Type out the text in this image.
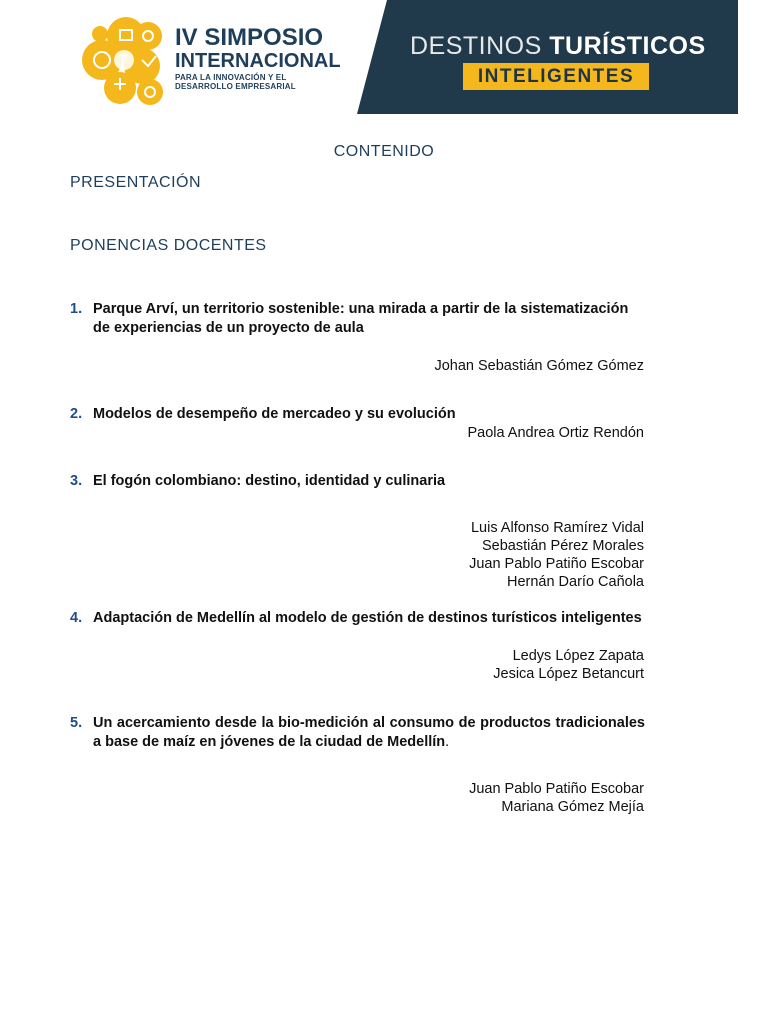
IV SIMPOSIO
INTERNACIONAL
PARA LA INNOVACIÓN Y EL
DESARROLLO EMPRESARIAL
DESTINOS TURÍSTICOS
INTELIGENTES
CONTENIDO
PRESENTACIÓN
PONENCIAS DOCENTES
1. Parque Arví, un territorio sostenible: una mirada a partir de la sistematización de experiencias de un proyecto de aula
Johan Sebastián Gómez Gómez
2. Modelos de desempeño de mercadeo y su evolución
Paola Andrea Ortiz Rendón
3. El fogón colombiano: destino, identidad y culinaria
Luis Alfonso Ramírez Vidal
Sebastián Pérez Morales
Juan Pablo Patiño Escobar
Hernán Darío Cañola
4. Adaptación de Medellín al modelo de gestión de destinos turísticos inteligentes
Ledys López Zapata
Jesica López Betancurt
5. Un acercamiento desde la bio-medición al consumo de productos tradicionales a base de maíz en jóvenes de la ciudad de Medellín.
Juan Pablo Patiño Escobar
Mariana Gómez Mejía
